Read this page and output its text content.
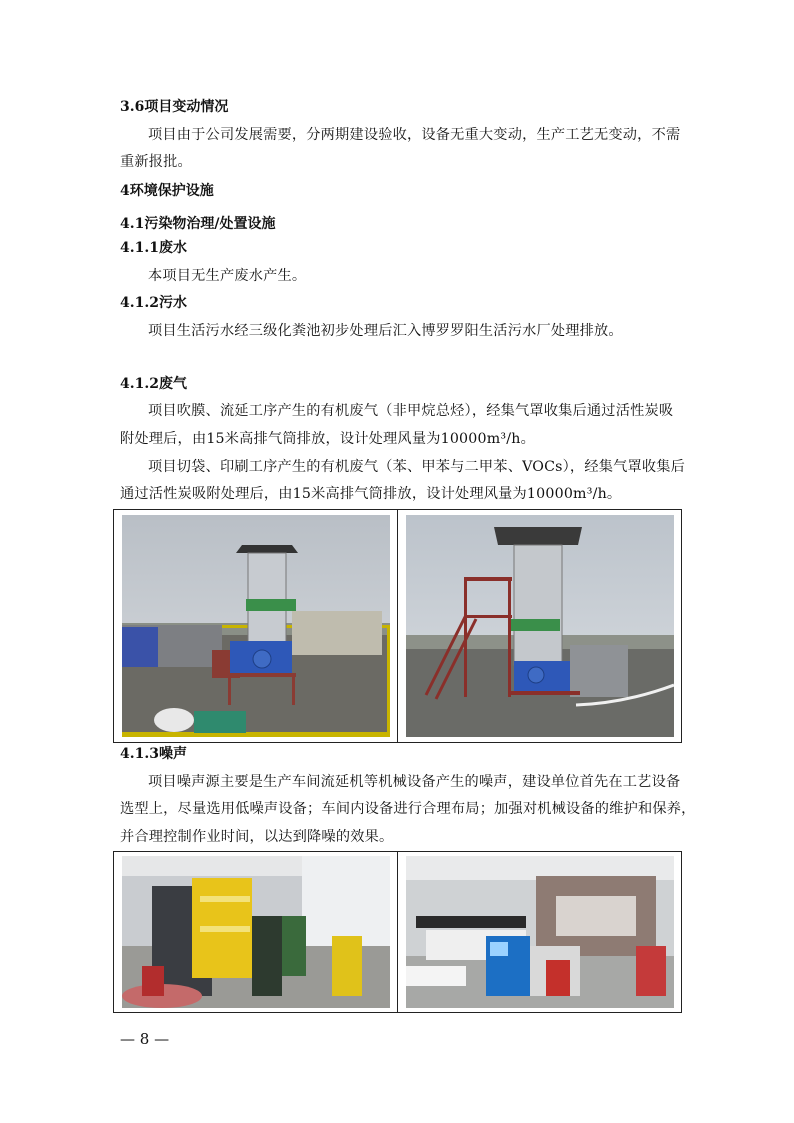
3.6项目变动情况
项目由于公司发展需要，分两期建设验收，设备无重大变动，生产工艺无变动，不需
重新报批。
4环境保护设施
4.1污染物治理/处置设施
4.1.1废水
本项目无生产废水产生。
4.1.2污水
项目生活污水经三级化粪池初步处理后汇入博罗罗阳生活污水厂处理排放。
4.1.2废气
项目吹膜、流延工序产生的有机废气（非甲烷总烃），经集气罩收集后通过活性炭吸
附处理后，由15米高排气筒排放，设计处理风量为10000m³/h。
项目切袋、印刷工序产生的有机废气（苯、甲苯与二甲苯、VOCs），经集气罩收集后
通过活性炭吸附处理后，由15米高排气筒排放，设计处理风量为10000m³/h。

4.1.3噪声
项目噪声源主要是生产车间流延机等机械设备产生的噪声，建设单位首先在工艺设备
选型上，尽量选用低噪声设备；车间内设备进行合理布局；加强对机械设备的维护和保养，
并合理控制作业时间，以达到降噪的效果。

— 8 —
